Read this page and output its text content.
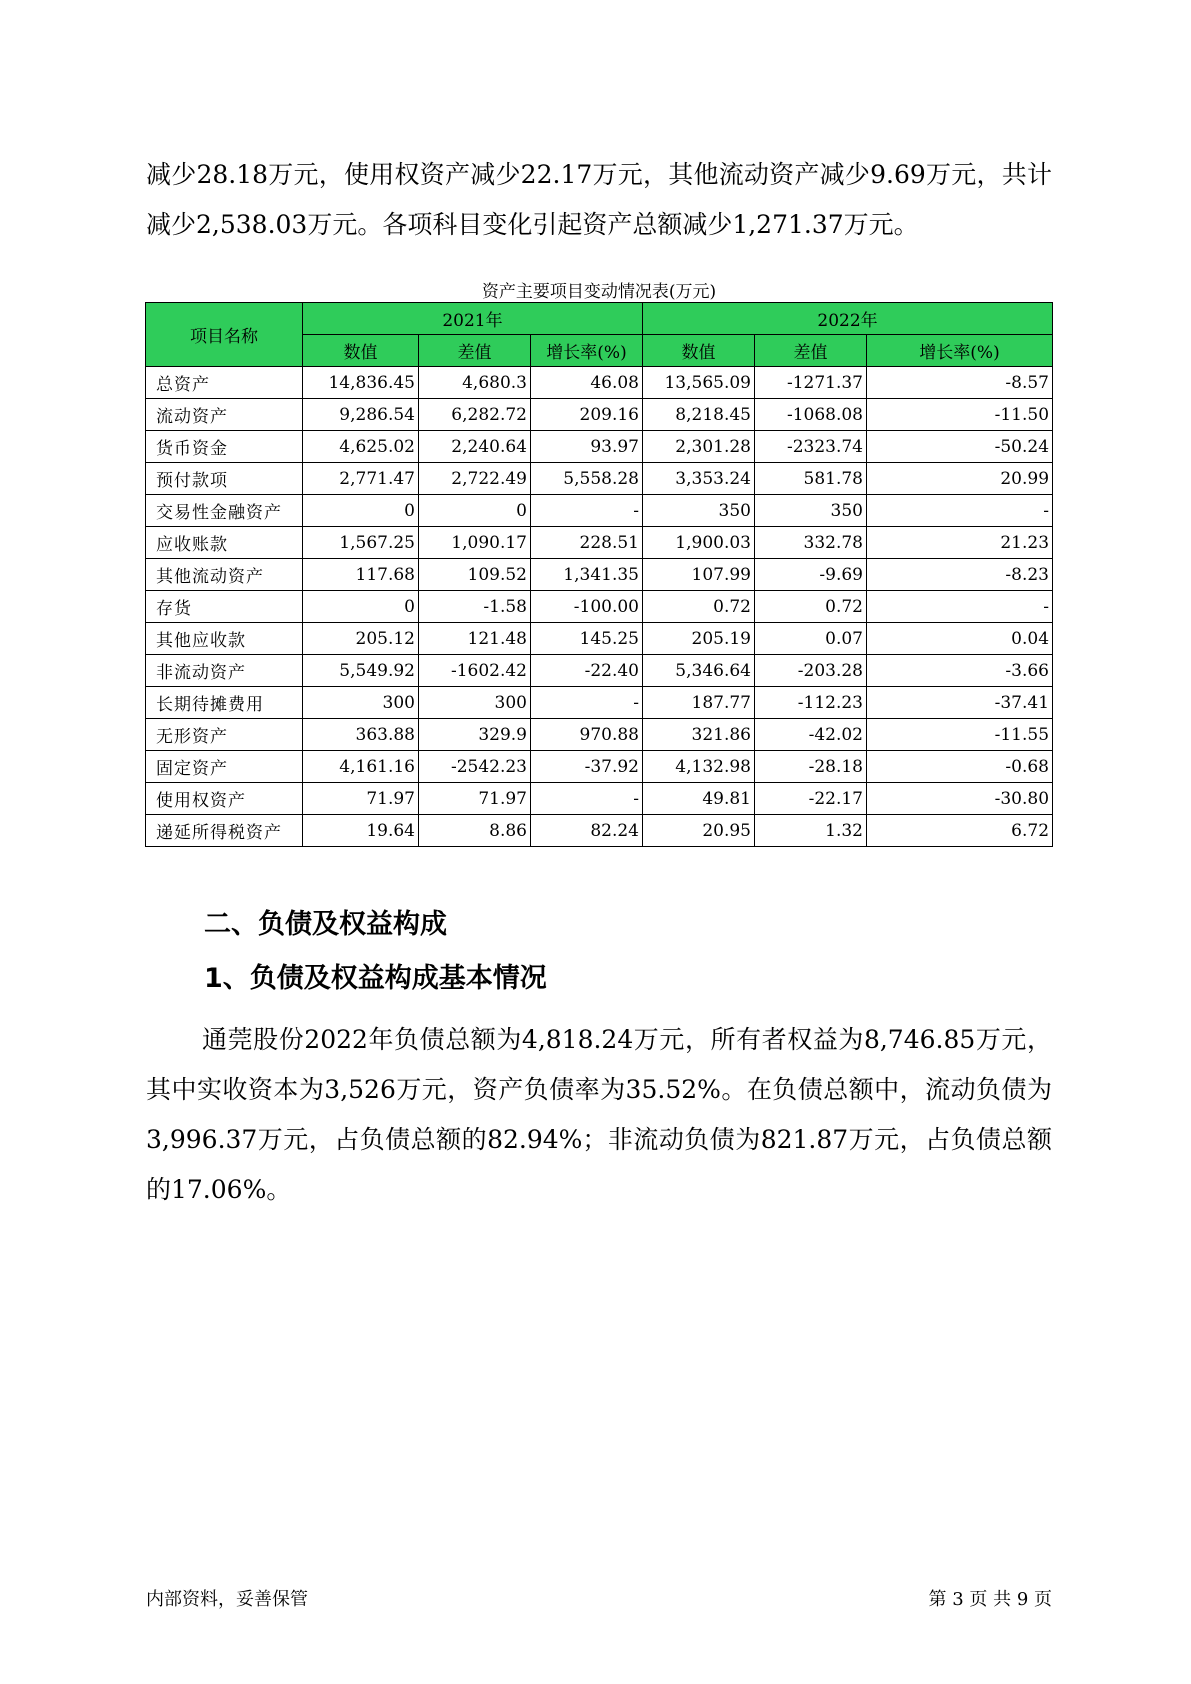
减少28.18万元，使用权资产减少22.17万元，其他流动资产减少9.69万元，共计减少2,538.03万元。各项科目变化引起资产总额减少1,271.37万元。

资产主要项目变动情况表(万元)
项目名称	2021年			2022年		
	数值	差值	增长率(%)	数值	差值	增长率(%)
总资产	14,836.45	4,680.3	46.08	13,565.09	-1271.37	-8.57
流动资产	9,286.54	6,282.72	209.16	8,218.45	-1068.08	-11.50
货币资金	4,625.02	2,240.64	93.97	2,301.28	-2323.74	-50.24
预付款项	2,771.47	2,722.49	5,558.28	3,353.24	581.78	20.99
交易性金融资产	0	0	-	350	350	-
应收账款	1,567.25	1,090.17	228.51	1,900.03	332.78	21.23
其他流动资产	117.68	109.52	1,341.35	107.99	-9.69	-8.23
存货	0	-1.58	-100.00	0.72	0.72	-
其他应收款	205.12	121.48	145.25	205.19	0.07	0.04
非流动资产	5,549.92	-1602.42	-22.40	5,346.64	-203.28	-3.66
长期待摊费用	300	300	-	187.77	-112.23	-37.41
无形资产	363.88	329.9	970.88	321.86	-42.02	-11.55
固定资产	4,161.16	-2542.23	-37.92	4,132.98	-28.18	-0.68
使用权资产	71.97	71.97	-	49.81	-22.17	-30.80
递延所得税资产	19.64	8.86	82.24	20.95	1.32	6.72
二、负债及权益构成
1、负债及权益构成基本情况

通莞股份2022年负债总额为4,818.24万元，所有者权益为8,746.85万元，其中实收资本为3,526万元，资产负债率为35.52%。在负债总额中，流动负债为3,996.37万元，占负债总额的82.94%；非流动负债为821.87万元，占负债总额的17.06%。

内部资料，妥善保管	第 3 页 共 9 页
